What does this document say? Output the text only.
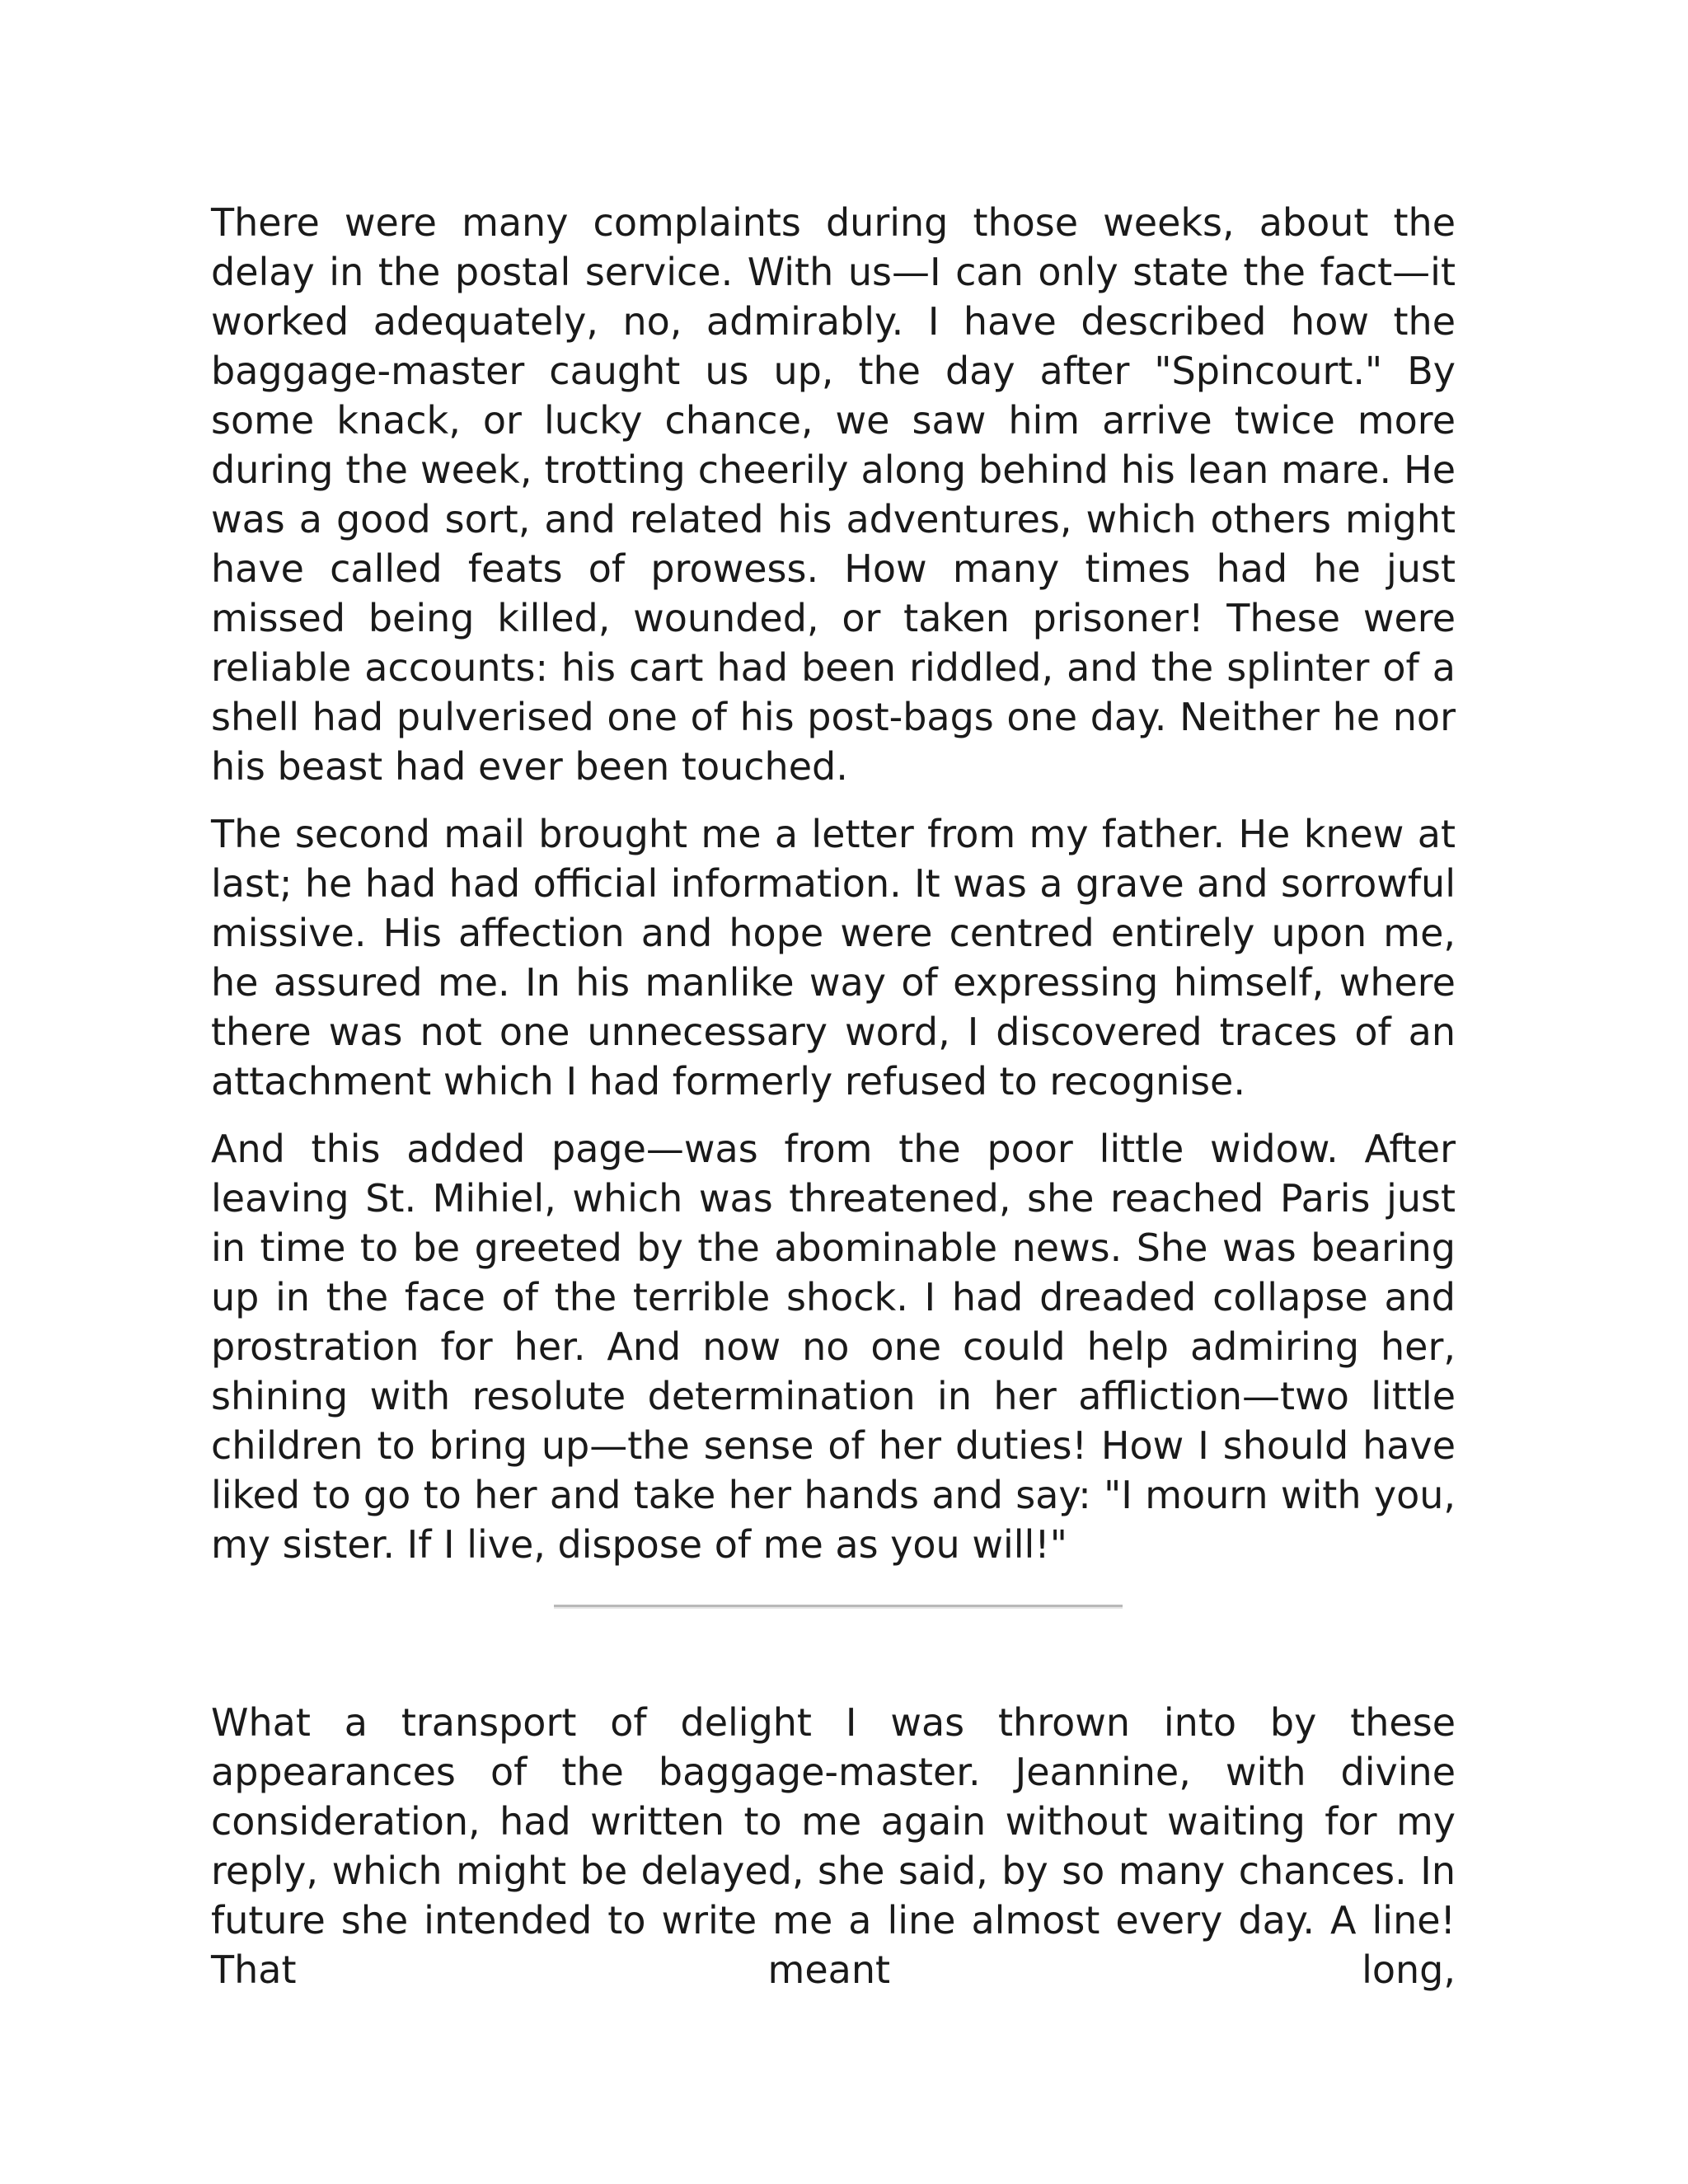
There were many complaints during those weeks, about the delay in the postal service. With us—I can only state the fact—it worked adequately, no, admirably. I have described how the baggage-master caught us up, the day after "Spincourt." By some knack, or lucky chance, we saw him arrive twice more during the week, trotting cheerily along behind his lean mare. He was a good sort, and related his adventures, which others might have called feats of prowess. How many times had he just missed being killed, wounded, or taken prisoner! These were reliable accounts: his cart had been riddled, and the splinter of a shell had pulverised one of his post-bags one day. Neither he nor his beast had ever been touched.

The second mail brought me a letter from my father. He knew at last; he had had official information. It was a grave and sorrowful missive. His affection and hope were centred entirely upon me, he assured me. In his manlike way of expressing himself, where there was not one unnecessary word, I discovered traces of an attachment which I had formerly refused to recognise.

And this added page—was from the poor little widow. After leaving St. Mihiel, which was threatened, she reached Paris just in time to be greeted by the abominable news. She was bearing up in the face of the terrible shock. I had dreaded collapse and prostration for her. And now no one could help admiring her, shining with resolute determination in her affliction—two little children to bring up—the sense of her duties! How I should have liked to go to her and take her hands and say: "I mourn with you, my sister. If I live, dispose of me as you will!"

What a transport of delight I was thrown into by these appearances of the baggage-master. Jeannine, with divine consideration, had written to me again without waiting for my reply, which might be delayed, she said, by so many chances. In future she intended to write me a line almost every day. A line! That meant long,
